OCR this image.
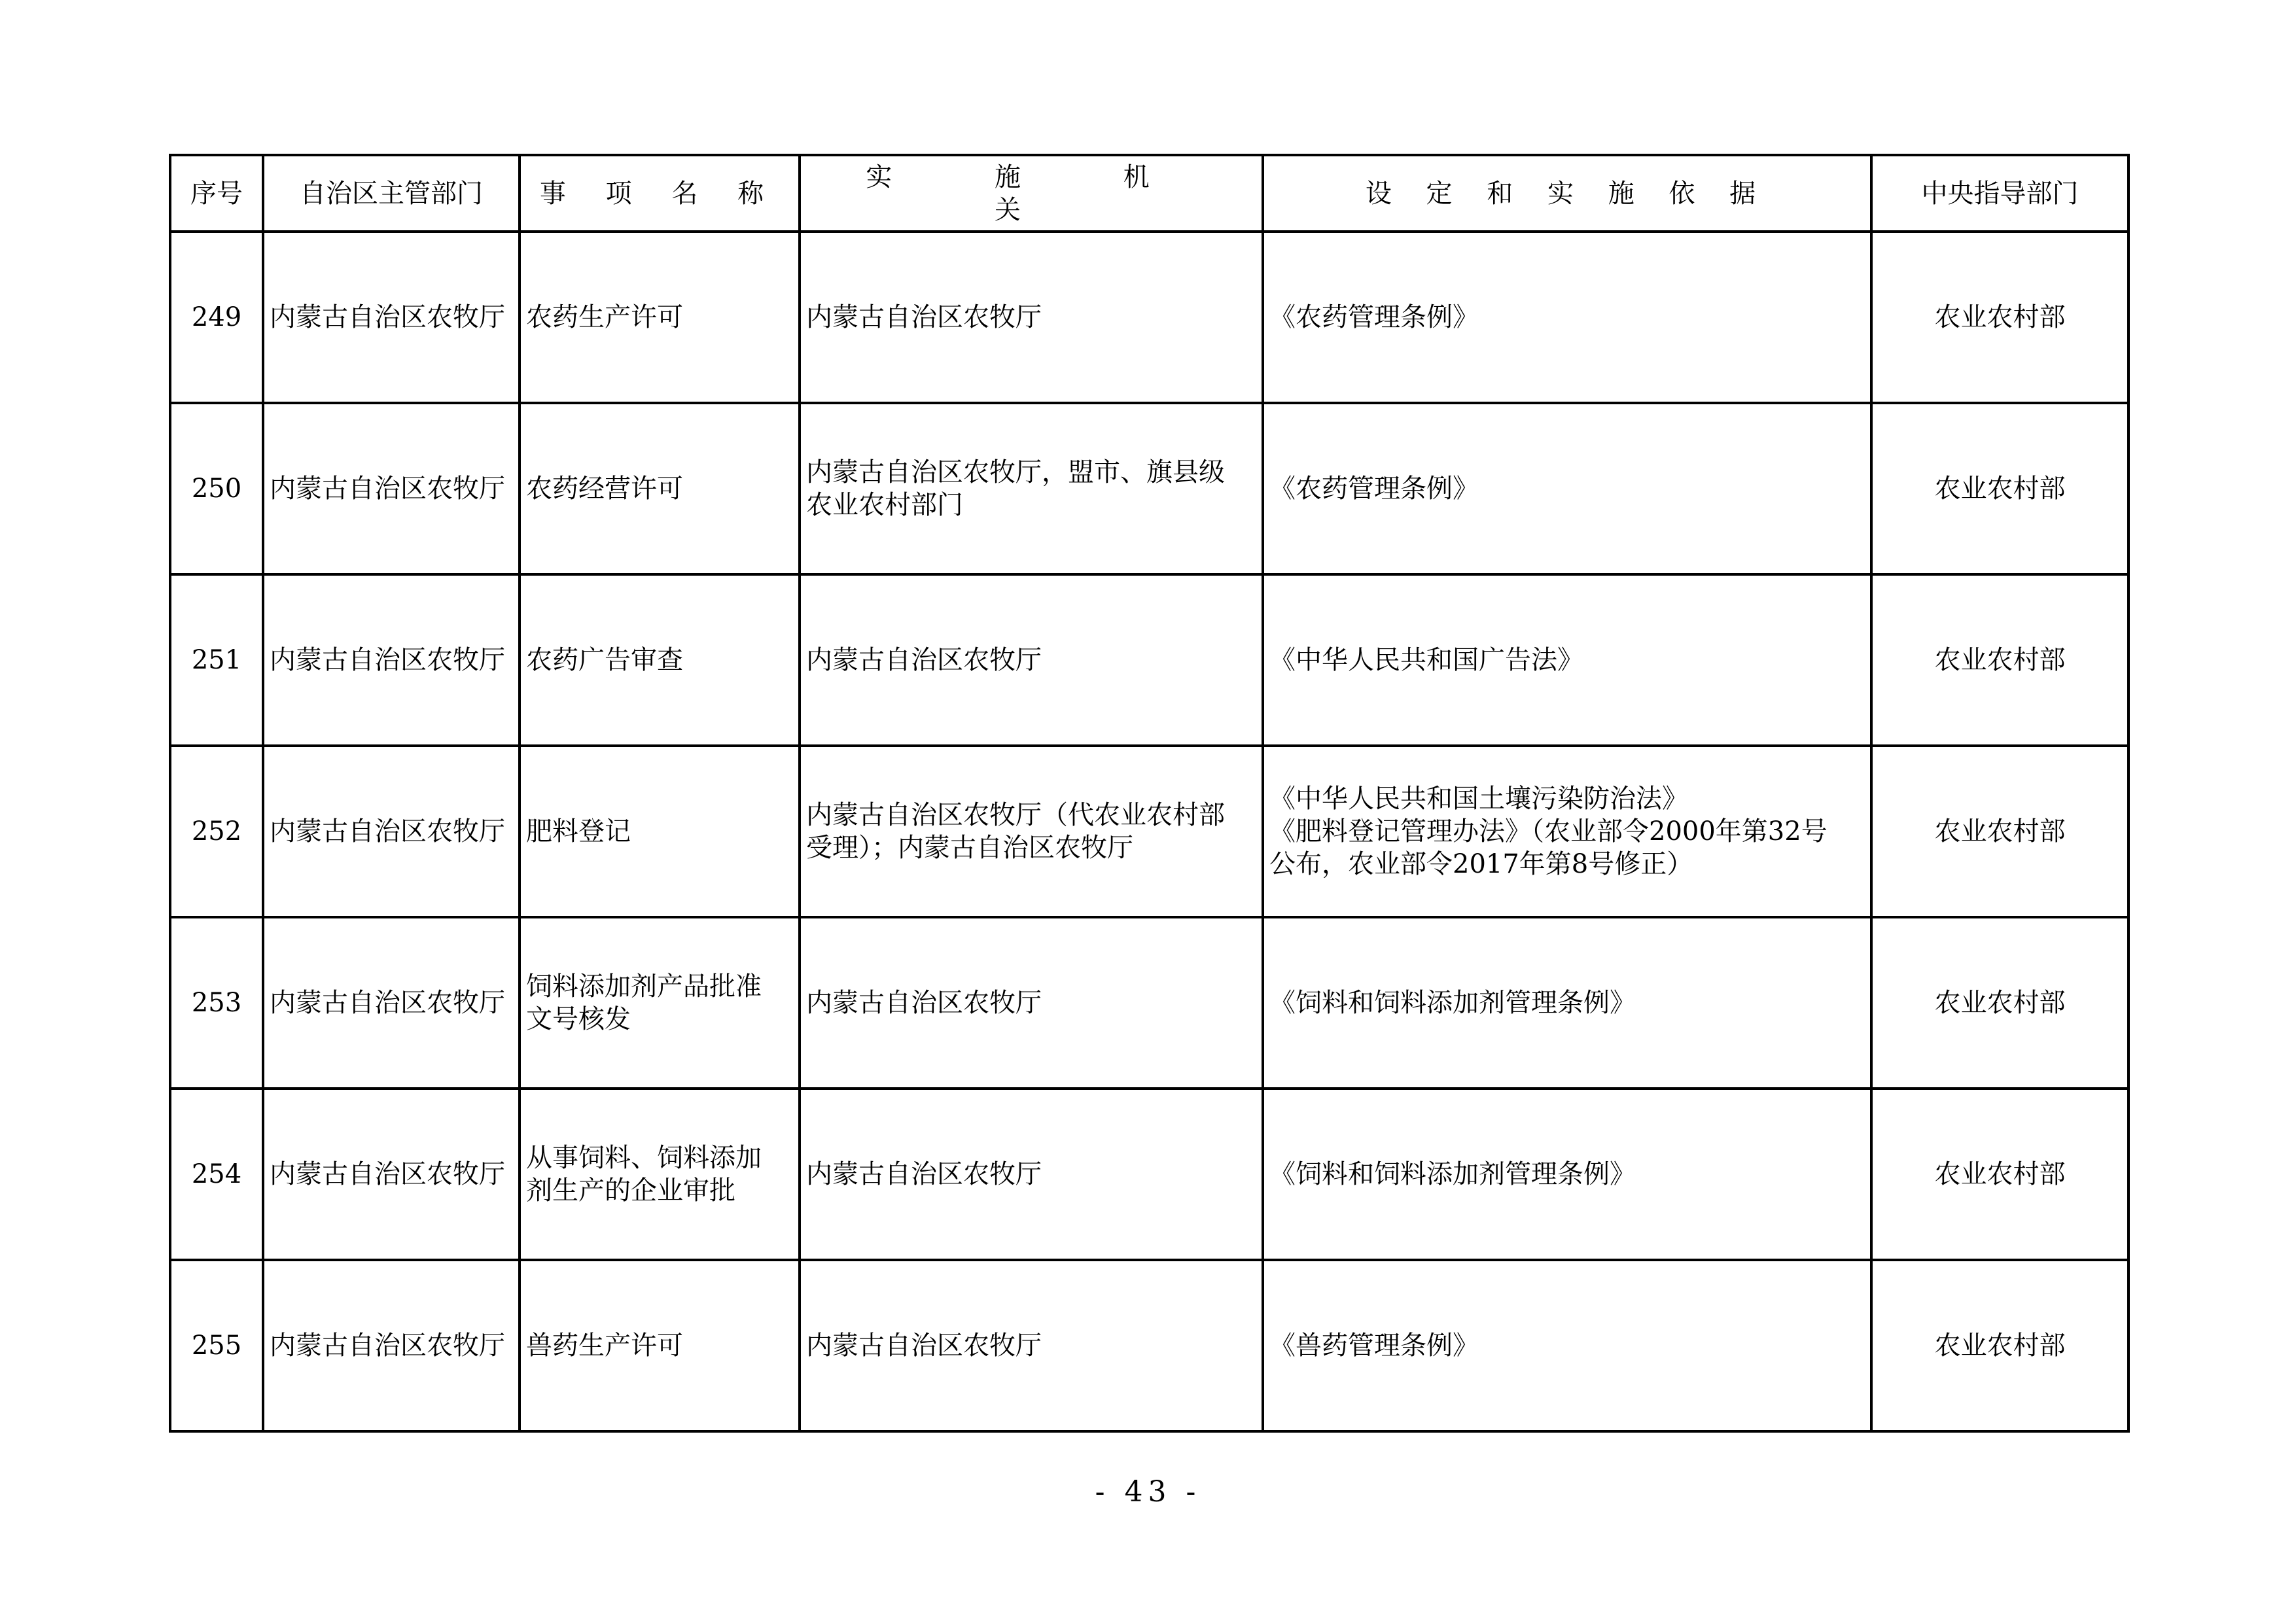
序号	自治区主管部门	事 项 名 称	实 施 机 关	设 定 和 实 施 依 据	中央指导部门
249	内蒙古自治区农牧厅	农药生产许可	内蒙古自治区农牧厅	《农药管理条例》	农业农村部
250	内蒙古自治区农牧厅	农药经营许可	内蒙古自治区农牧厅，盟市、旗县级
农业农村部门	《农药管理条例》	农业农村部
251	内蒙古自治区农牧厅	农药广告审查	内蒙古自治区农牧厅	《中华人民共和国广告法》	农业农村部
252	内蒙古自治区农牧厅	肥料登记	内蒙古自治区农牧厅（代农业农村部
受理）；内蒙古自治区农牧厅	《中华人民共和国土壤污染防治法》
《肥料登记管理办法》（农业部令2000年第32号
公布，农业部令2017年第8号修正）	农业农村部
253	内蒙古自治区农牧厅	饲料添加剂产品批准
文号核发	内蒙古自治区农牧厅	《饲料和饲料添加剂管理条例》	农业农村部
254	内蒙古自治区农牧厅	从事饲料、饲料添加
剂生产的企业审批	内蒙古自治区农牧厅	《饲料和饲料添加剂管理条例》	农业农村部
255	内蒙古自治区农牧厅	兽药生产许可	内蒙古自治区农牧厅	《兽药管理条例》	农业农村部
- 43 -
